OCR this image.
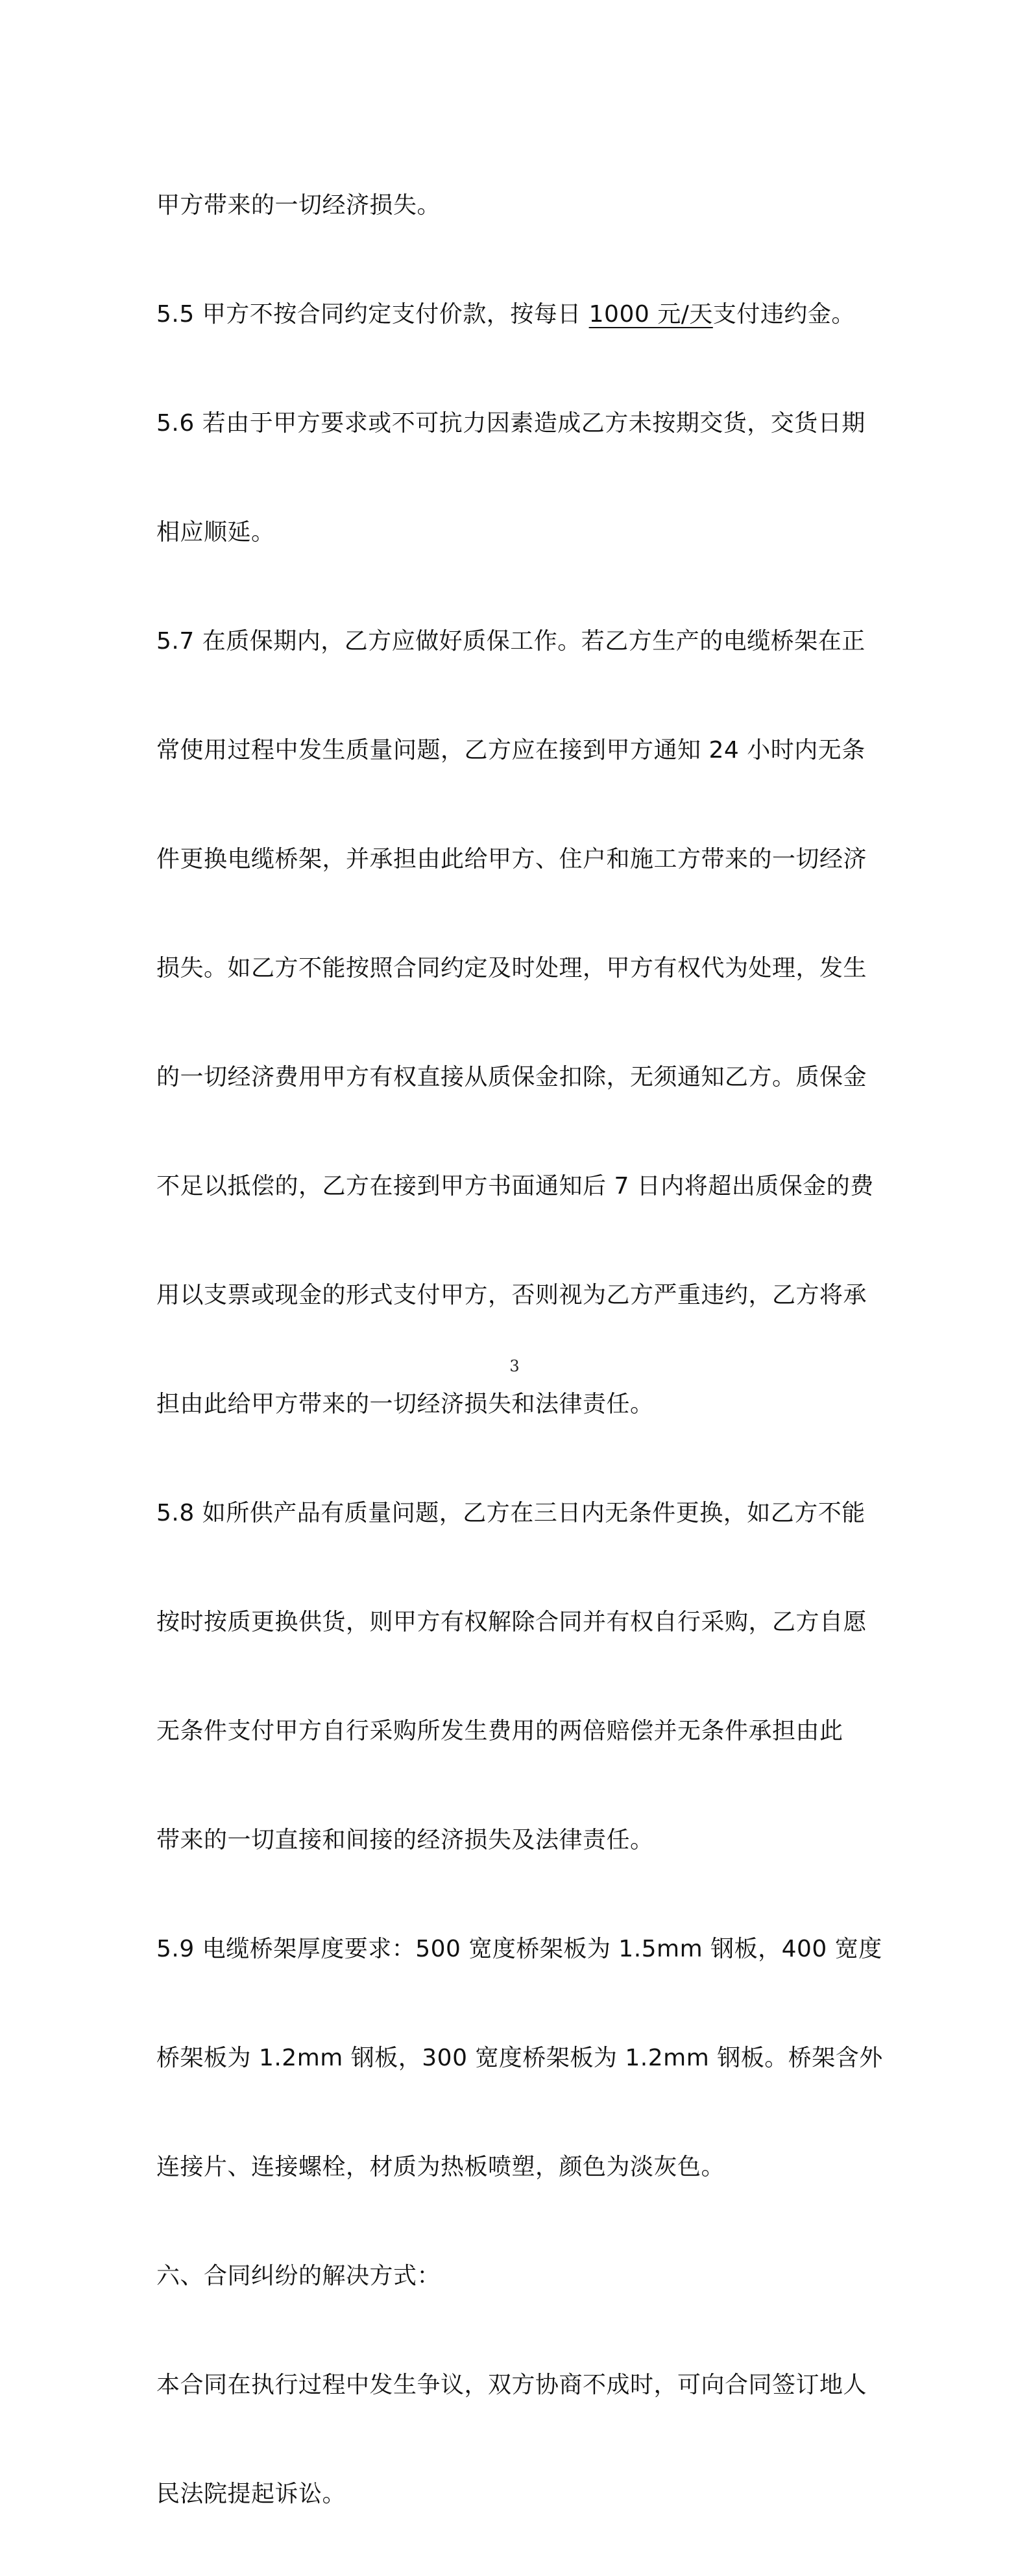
甲方带来的一切经济损失。

5.5 甲方不按合同约定支付价款，按每日 1000 元/天支付违约金。

5.6 若由于甲方要求或不可抗力因素造成乙方未按期交货，交货日期

相应顺延。

5.7 在质保期内，乙方应做好质保工作。若乙方生产的电缆桥架在正

常使用过程中发生质量问题，乙方应在接到甲方通知 24 小时内无条

件更换电缆桥架，并承担由此给甲方、住户和施工方带来的一切经济

损失。如乙方不能按照合同约定及时处理，甲方有权代为处理，发生

的一切经济费用甲方有权直接从质保金扣除，无须通知乙方。质保金

不足以抵偿的，乙方在接到甲方书面通知后 7 日内将超出质保金的费

用以支票或现金的形式支付甲方，否则视为乙方严重违约，乙方将承

担由此给甲方带来的一切经济损失和法律责任。

5.8 如所供产品有质量问题，乙方在三日内无条件更换，如乙方不能

按时按质更换供货，则甲方有权解除合同并有权自行采购，乙方自愿

无条件支付甲方自行采购所发生费用的两倍赔偿并无条件承担由此

带来的一切直接和间接的经济损失及法律责任。

5.9 电缆桥架厚度要求：500 宽度桥架板为 1.5mm 钢板，400 宽度

桥架板为 1.2mm 钢板，300 宽度桥架板为 1.2mm 钢板。桥架含外

连接片、连接螺栓，材质为热板喷塑，颜色为淡灰色。

六、合同纠纷的解决方式：

本合同在执行过程中发生争议，双方协商不成时，可向合同签订地人

民法院提起诉讼。

3
